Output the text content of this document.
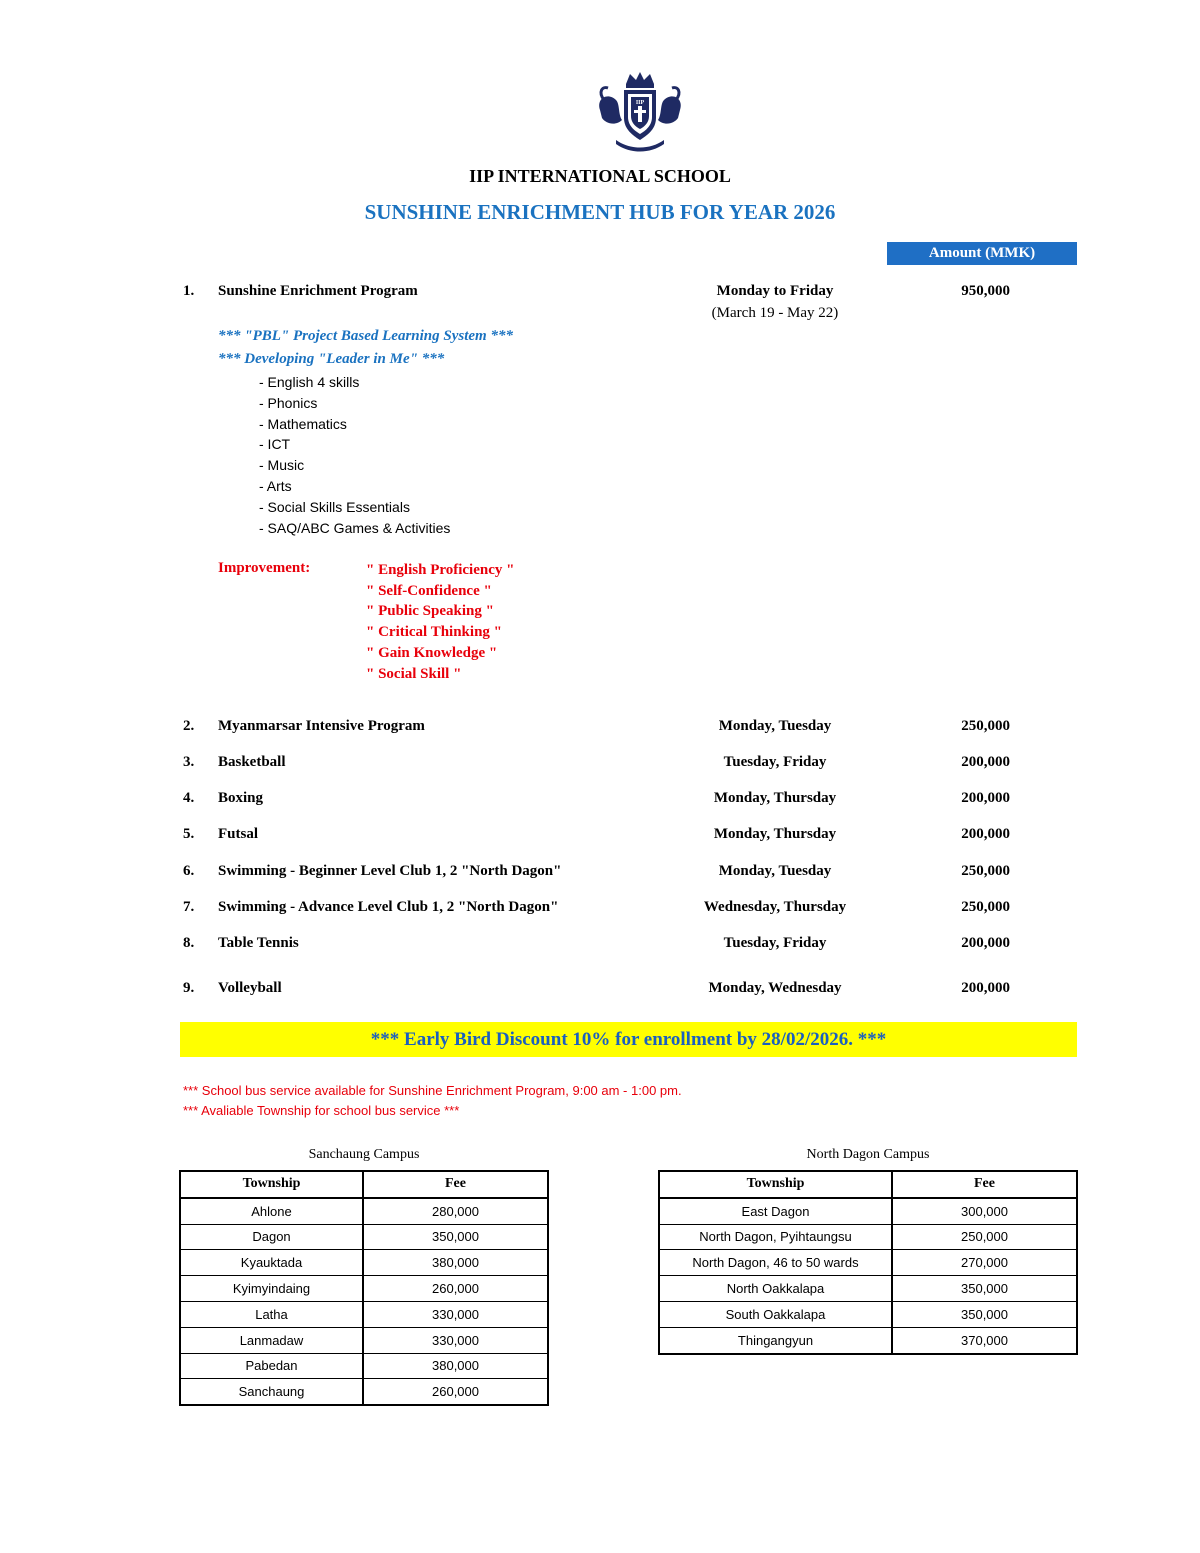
IIP
IIP INTERNATIONAL SCHOOL
SUNSHINE ENRICHMENT HUB FOR YEAR 2026
Amount (MMK)
1. Sunshine Enrichment Program	Monday to Friday	950,000
(March 19 - May 22)
*** "PBL" Project Based Learning System ***
*** Developing "Leader in Me" ***
- English 4 skills
- Phonics
- Mathematics
- ICT
- Music
- Arts
- Social Skills Essentials
- SAQ/ABC Games & Activities
Improvement:	" English Proficiency "
" Self-Confidence "
" Public Speaking "
" Critical Thinking "
" Gain Knowledge "
" Social Skill "
2. Myanmarsar Intensive Program	Monday, Tuesday	250,000
3. Basketball	Tuesday, Friday	200,000
4. Boxing	Monday, Thursday	200,000
5. Futsal	Monday, Thursday	200,000
6. Swimming - Beginner Level Club 1, 2 "North Dagon"	Monday, Tuesday	250,000
7. Swimming - Advance Level Club 1, 2 "North Dagon"	Wednesday, Thursday	250,000
8. Table Tennis	Tuesday, Friday	200,000
9. Volleyball	Monday, Wednesday	200,000
*** Early Bird Discount 10% for enrollment by 28/02/2026. ***
*** School bus service available for Sunshine Enrichment Program, 9:00 am - 1:00 pm.
*** Avaliable Township for school bus service ***
Sanchaung Campus
Township	Fee
Ahlone	280,000
Dagon	350,000
Kyauktada	380,000
Kyimyindaing	260,000
Latha	330,000
Lanmadaw	330,000
Pabedan	380,000
Sanchaung	260,000
North Dagon Campus
Township	Fee
East Dagon	300,000
North Dagon, Pyihtaungsu	250,000
North Dagon, 46 to 50 wards	270,000
North Oakkalapa	350,000
South Oakkalapa	350,000
Thingangyun	370,000
